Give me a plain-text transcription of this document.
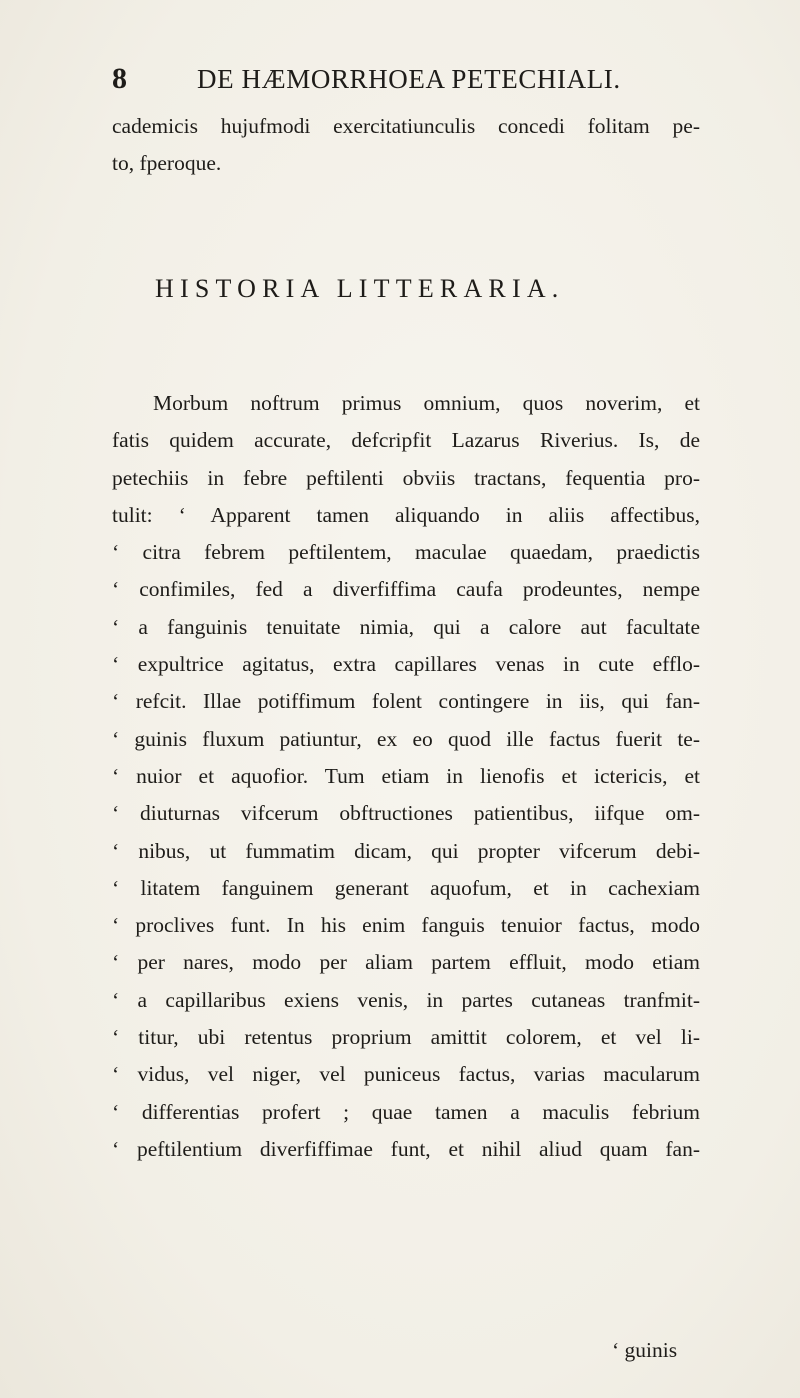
8	DE HÆMORRHOEA PETECHIALI.

cademicis hujufmodi exercitatiunculis concedi folitam pe-
to, fperoque.

HISTORIA LITTERARIA.

Morbum noftrum primus omnium, quos noverim, et
fatis quidem accurate, defcripfit Lazarus Riverius. Is, de
petechiis in febre peftilenti obviis tractans, fequentia pro-
tulit: ‘ Apparent tamen aliquando in aliis affectibus,
‘ citra febrem peftilentem, maculae quaedam, praedictis
‘ confimiles, fed a diverfiffima caufa prodeuntes, nempe
‘ a fanguinis tenuitate nimia, qui a calore aut facultate
‘ expultrice agitatus, extra capillares venas in cute efflo-
‘ refcit. Illae potiffimum folent contingere in iis, qui fan-
‘ guinis fluxum patiuntur, ex eo quod ille factus fuerit te-
‘ nuior et aquofior. Tum etiam in lienofis et ictericis, et
‘ diuturnas vifcerum obftructiones patientibus, iifque om-
‘ nibus, ut fummatim dicam, qui propter vifcerum debi-
‘ litatem fanguinem generant aquofum, et in cachexiam
‘ proclives funt. In his enim fanguis tenuior factus, modo
‘ per nares, modo per aliam partem effluit, modo etiam
‘ a capillaribus exiens venis, in partes cutaneas tranfmit-
‘ titur, ubi retentus proprium amittit colorem, et vel li-
‘ vidus, vel niger, vel puniceus factus, varias macularum
‘ differentias profert ; quae tamen a maculis febrium
‘ peftilentium diverfiffimae funt, et nihil aliud quam fan-

‘ guinis
